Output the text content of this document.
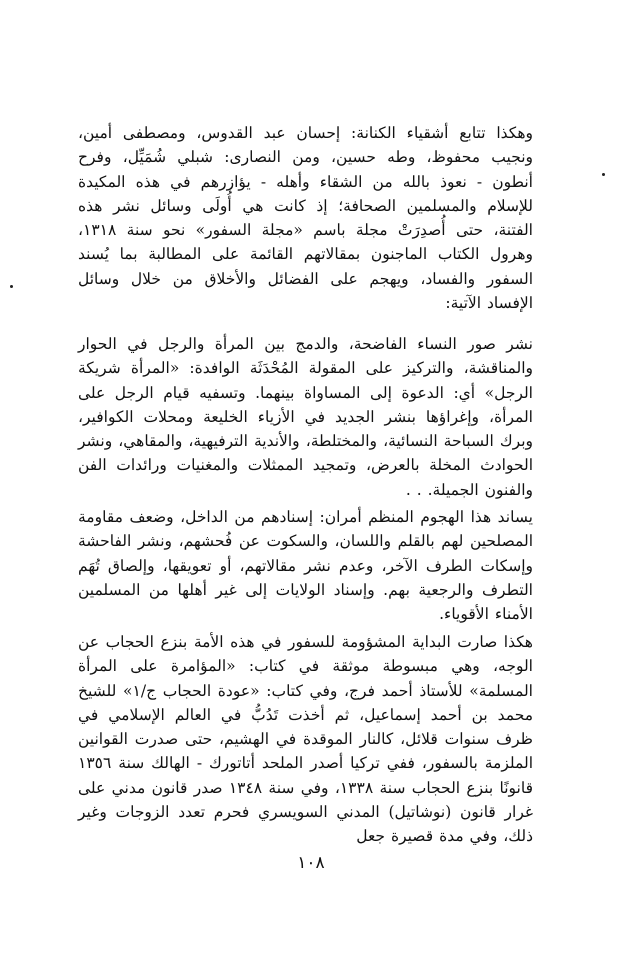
وهكذا تتابع أشقياء الكنانة: إحسان عبد القدوس، ومصطفى أمين، ونجيب محفوظ، وطه حسين، ومن النصارى: شبلي شُمَيِّل، وفرح أنطون - نعوذ بالله من الشقاء وأهله - يؤازرهم في هذه المكيدة للإسلام والمسلمين الصحافة؛ إذ كانت هي أُولَى وسائل نشر هذه الفتنة، حتى أُصدِرَتْ مجلة باسم «مجلة السفور» نحو سنة ١٣١٨، وهرول الكتاب الماجنون بمقالاتهم القائمة على المطالبة بما يُسند السفور والفساد، ويهجم على الفضائل والأخلاق من خلال وسائل الإفساد الآتية:

نشر صور النساء الفاضحة، والدمج بين المرأة والرجل في الحوار والمناقشة، والتركيز على المقولة المُحْدَثَة الوافدة: «المرأة شريكة الرجل» أي: الدعوة إلى المساواة بينهما. وتسفيه قيام الرجل على المرأة، وإغراؤها بنشر الجديد في الأزياء الخليعة ومحلات الكوافير، وبرك السباحة النسائية، والمختلطة، والأندية الترفيهية، والمقاهي، ونشر الحوادث المخلة بالعرض، وتمجيد الممثلات والمغنيات ورائدات الفن والفنون الجميلة. . .

يساند هذا الهجوم المنظم أمران: إسنادهم من الداخل، وضعف مقاومة المصلحين لهم بالقلم واللسان، والسكوت عن فُحشهم، ونشر الفاحشة وإسكات الطرف الآخر، وعدم نشر مقالاتهم، أو تعويقها، وإلصاق تُهَم التطرف والرجعية بهم. وإسناد الولايات إلى غير أهلها من المسلمين الأمناء الأقوياء.

هكذا صارت البداية المشؤومة للسفور في هذه الأمة بنزع الحجاب عن الوجه، وهي مبسوطة موثقة في كتاب: «المؤامرة على المرأة المسلمة» للأستاذ أحمد فرج، وفي كتاب: «عودة الحجاب ج/١» للشيخ محمد بن أحمد إسماعيل، ثم أخذت تَدُبُّ في العالم الإسلامي في ظرف سنوات قلائل، كالنار الموقدة في الهشيم، حتى صدرت القوانين الملزمة بالسفور، ففي تركيا أصدر الملحد أتاتورك - الهالك سنة ١٣٥٦ قانونًا بنزع الحجاب سنة ١٣٣٨، وفي سنة ١٣٤٨ صدر قانون مدني على غرار قانون (نوشاتيل) المدني السويسري فحرم تعدد الزوجات وغير ذلك، وفي مدة قصيرة جعل

١٠٨
